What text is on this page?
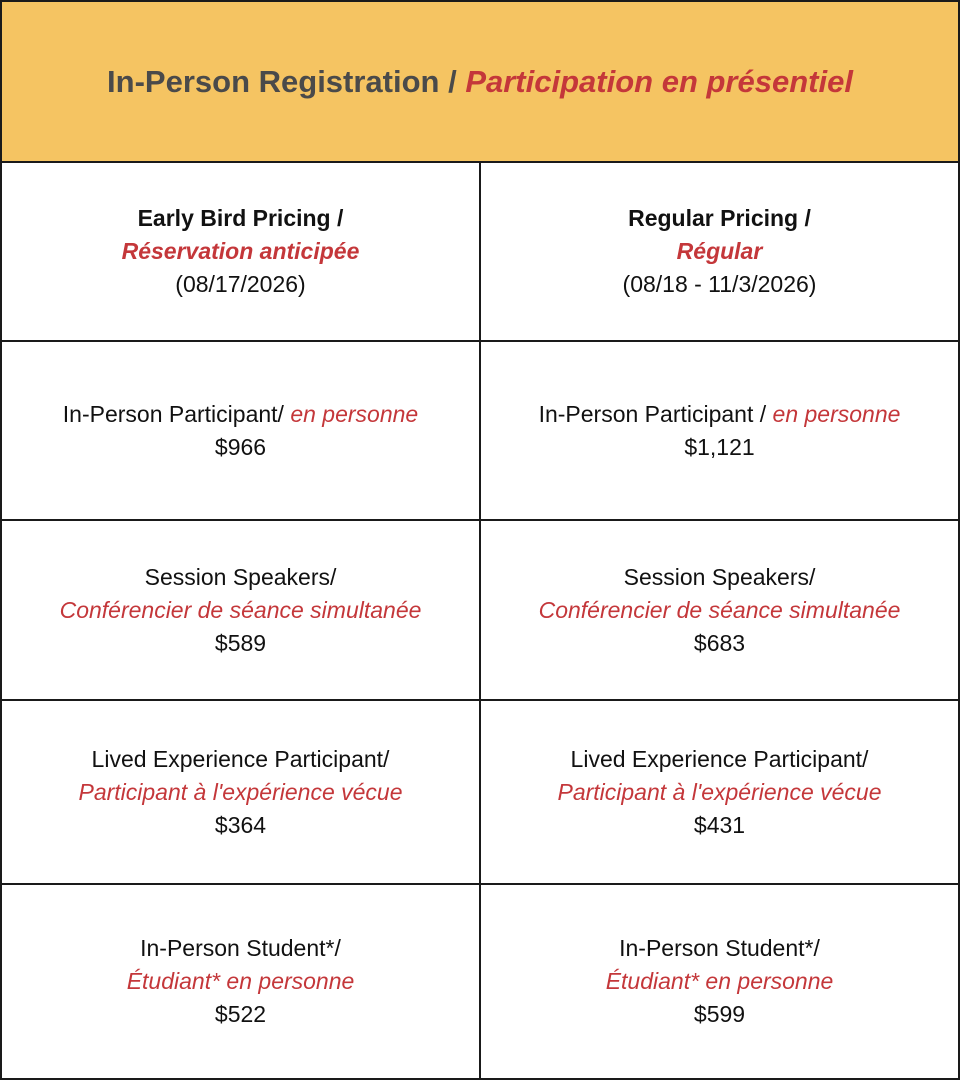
In-Person Registration / Participation en présentiel
Early Bird Pricing /
Réservation anticipée
(08/17/2026)
Regular Pricing /
Régular
(08/18 - 11/3/2026)
In-Person Participant/ en personne
$966
In-Person Participant / en personne
$1,121
Session Speakers/
Conférencier de séance simultanée
$589
Session Speakers/
Conférencier de séance simultanée
$683
Lived Experience Participant/
Participant à l'expérience vécue
$364
Lived Experience Participant/
Participant à l'expérience vécue
$431
In-Person Student*/
Étudiant* en personne
$522
In-Person Student*/
Étudiant* en personne
$599
